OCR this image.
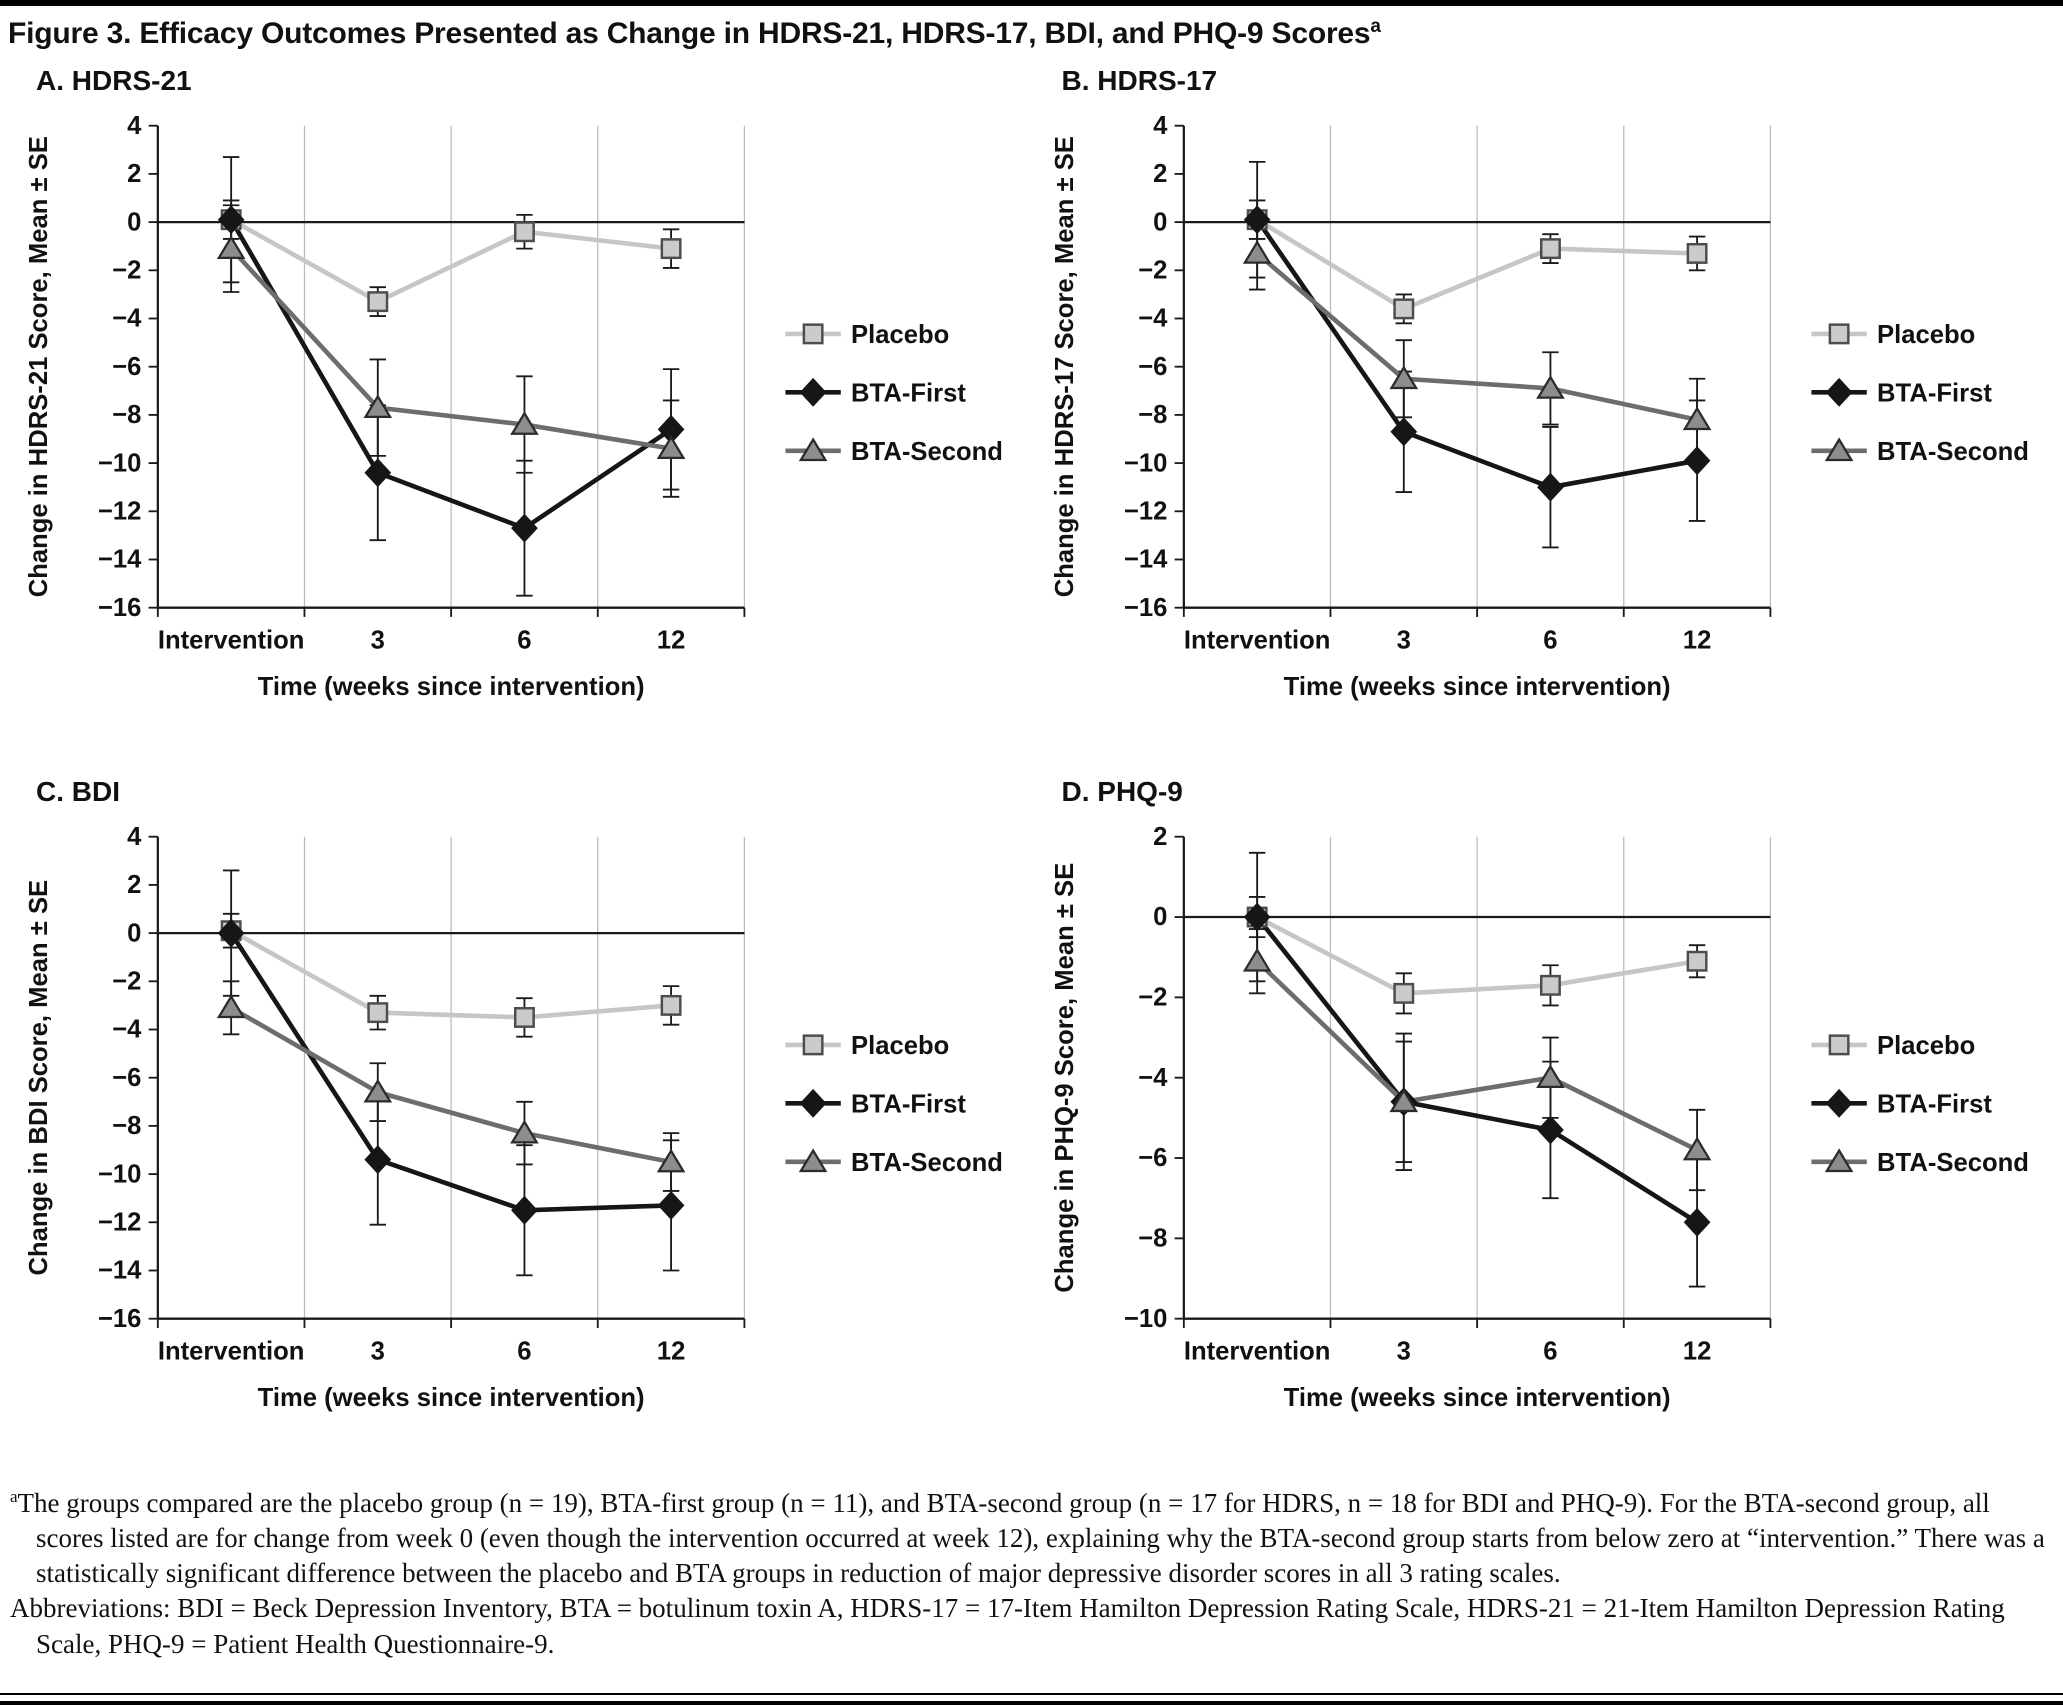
Figure 3. Efficacy Outcomes Presented as Change in HDRS-21, HDRS-17, BDI, and PHQ-9 Scores$^a$
A. HDRS-21
4
2
0
−2
−4
−6
−8
−10
−12
−14
−16
Intervention	3	6	12
Time (weeks since intervention)
Change in HDRS-21 Score, Mean ± SE	Placebo
BTA-First
BTA-Second
B. HDRS-17
4
2
0
−2
−4
−6
−8
−10
−12
−14
−16
Intervention	3	6	12
Time (weeks since intervention)
Change in HDRS-17 Score, Mean ± SE	Placebo
BTA-First
BTA-Second
C. BDI
4
2
0
−2
−4
−6
−8
−10
−12
−14
−16
Intervention	3	6	12
Time (weeks since intervention)
Change in BDI Score, Mean ± SE	Placebo
BTA-First
BTA-Second
D. PHQ-9
2
0
−2
−4
−6
−8
−10
Intervention	3	6	12
Time (weeks since intervention)
Change in PHQ-9 Score, Mean ± SE	Placebo
BTA-First
BTA-Second

$^a$The groups compared are the placebo group (n = 19), BTA-first group (n = 11), and BTA-second group (n = 17 for HDRS, n = 18 for BDI and PHQ-9). For the BTA-second group, all scores listed are for change from week 0 (even though the intervention occurred at week 12), explaining why the BTA-second group starts from below zero at “intervention.” There was a statistically significant difference between the placebo and BTA groups in reduction of major depressive disorder scores in all 3 rating scales.

Abbreviations: BDI = Beck Depression Inventory, BTA = botulinum toxin A, HDRS-17 = 17-Item Hamilton Depression Rating Scale, HDRS-21 = 21-Item Hamilton Depression Rating Scale, PHQ-9 = Patient Health Questionnaire-9.
